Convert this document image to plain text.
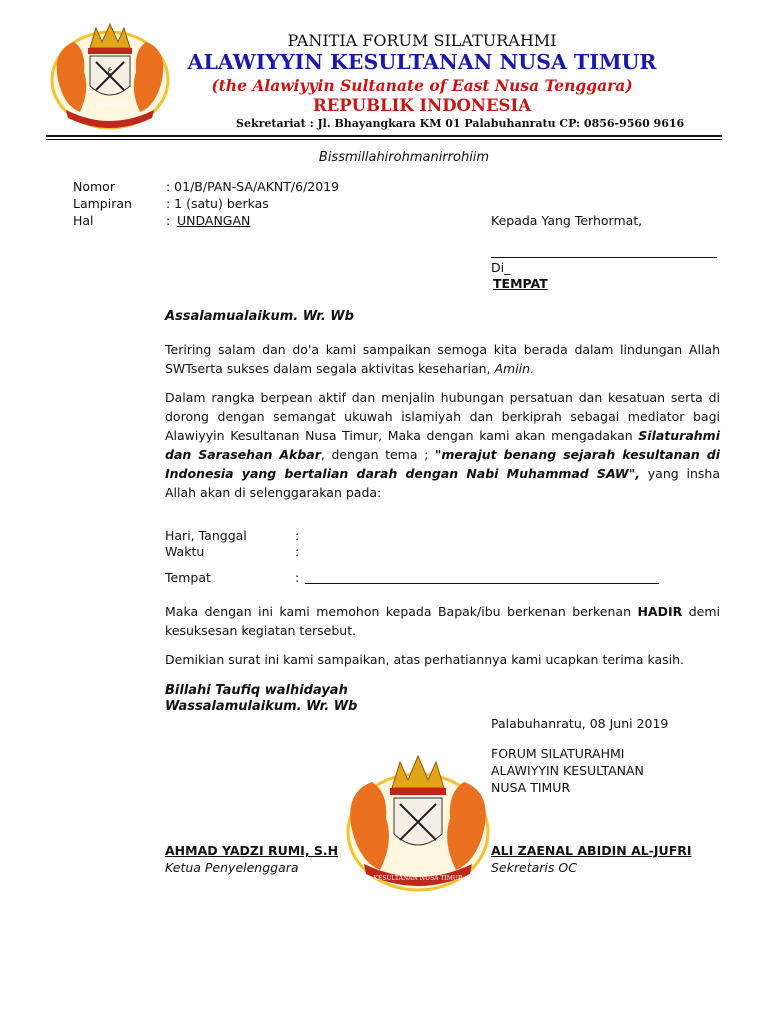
ع
ALAWIYYIN
PANITIA FORUM SILATURAHMI
ALAWIYYIN KESULTANAN NUSA TIMUR
(the Alawiyyin Sultanate of East Nusa Tenggara)
REPUBLIK INDONESIA
Sekretariat : Jl. Bhayangkara KM 01 Palabuhanratu CP: 0856-9560 9616
Bissmillahirohmanirrohiim
Nomor	: 01/B/PAN-SA/AKNT/6/2019
Lampiran	: 1 (satu) berkas
Hal	: UNDANGAN	Kepada Yang Terhormat,
Di_
TEMPAT
Assalamualaikum. Wr. Wb
Teriring salam dan do'a kami sampaikan semoga kita berada dalam lindungan Allah SWTserta sukses dalam segala aktivitas keseharian, Amiin.
Dalam rangka berpean aktif dan menjalin hubungan persatuan dan kesatuan serta di dorong dengan semangat ukuwah islamiyah dan berkiprah sebagai mediator bagi Alawiyyin Kesultanan Nusa Timur, Maka dengan kami akan mengadakan Silaturahmi dan Sarasehan Akbar, dengan tema ; "merajut benang sejarah kesultanan di Indonesia yang bertalian darah dengan Nabi Muhammad SAW", yang insha Allah akan di selenggarakan pada:
Hari, Tanggal	:
Waktu	:
Tempat	:
Maka dengan ini kami memohon kepada Bapak/ibu berkenan berkenan HADIR demi kesuksesan kegiatan tersebut.
Demikian surat ini kami sampaikan, atas perhatiannya kami ucapkan terima kasih.
Billahi Taufiq walhidayah
Wassalamulaikum. Wr. Wb
Palabuhanratu, 08 Juni 2019
FORUM SILATURAHMI
ALAWIYYIN KESULTANAN
NUSA TIMUR
KESULTANAN NUSA TIMUR
AHMAD YADZI RUMI, S.H
Ketua Penyelenggara
ALI ZAENAL ABIDIN AL-JUFRI
Sekretaris OC
